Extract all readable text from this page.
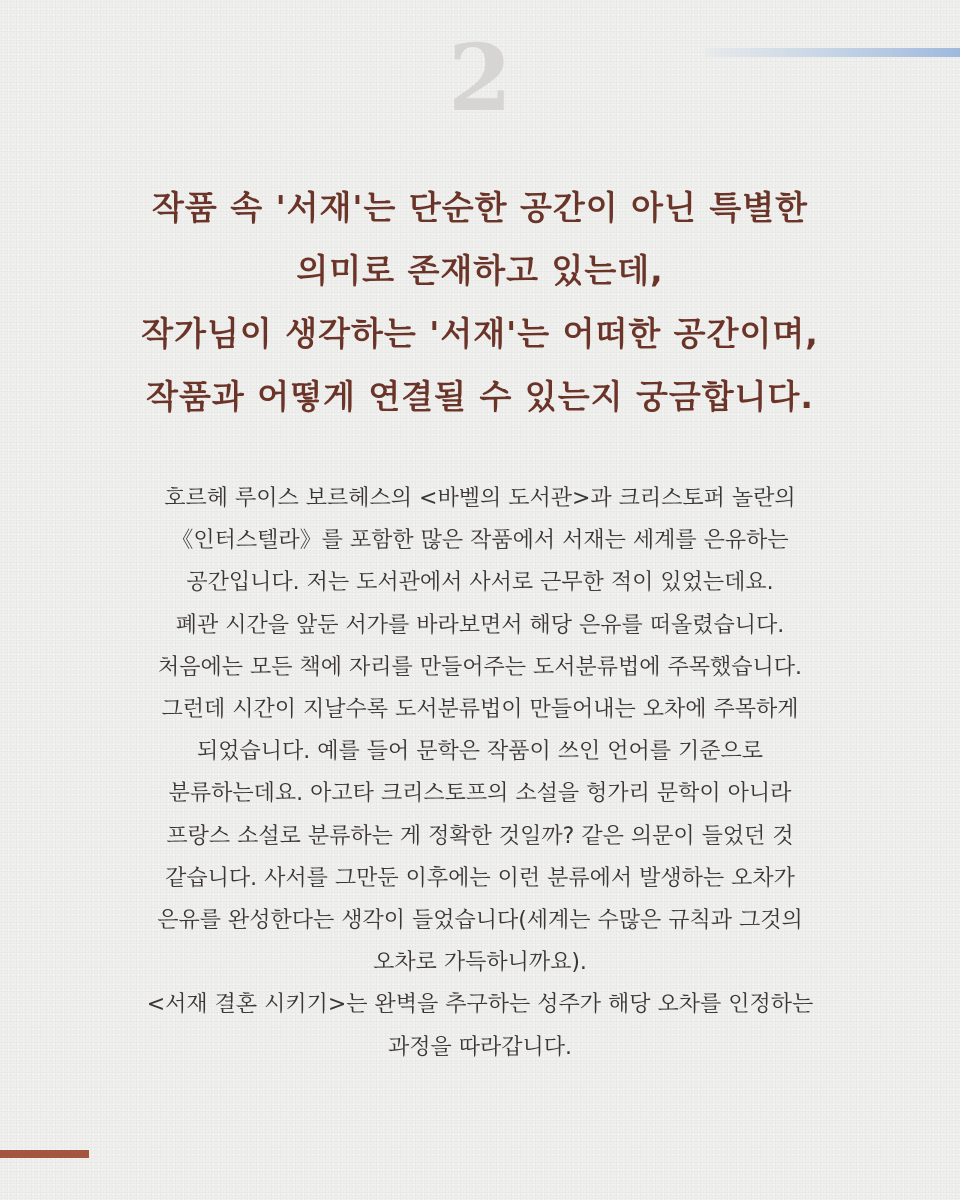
2
작품 속 '서재'는 단순한 공간이 아닌 특별한
의미로 존재하고 있는데,
작가님이 생각하는 '서재'는 어떠한 공간이며,
작품과 어떻게 연결될 수 있는지 궁금합니다.
호르헤 루이스 보르헤스의 <바벨의 도서관>과 크리스토퍼 놀란의
《인터스텔라》를 포함한 많은 작품에서 서재는 세계를 은유하는
공간입니다. 저는 도서관에서 사서로 근무한 적이 있었는데요.
폐관 시간을 앞둔 서가를 바라보면서 해당 은유를 떠올렸습니다.
처음에는 모든 책에 자리를 만들어주는 도서분류법에 주목했습니다.
그런데 시간이 지날수록 도서분류법이 만들어내는 오차에 주목하게
되었습니다. 예를 들어 문학은 작품이 쓰인 언어를 기준으로
분류하는데요. 아고타 크리스토프의 소설을 헝가리 문학이 아니라
프랑스 소설로 분류하는 게 정확한 것일까? 같은 의문이 들었던 것
같습니다. 사서를 그만둔 이후에는 이런 분류에서 발생하는 오차가
은유를 완성한다는 생각이 들었습니다(세계는 수많은 규칙과 그것의
오차로 가득하니까요).
<서재 결혼 시키기>는 완벽을 추구하는 성주가 해당 오차를 인정하는
과정을 따라갑니다.
